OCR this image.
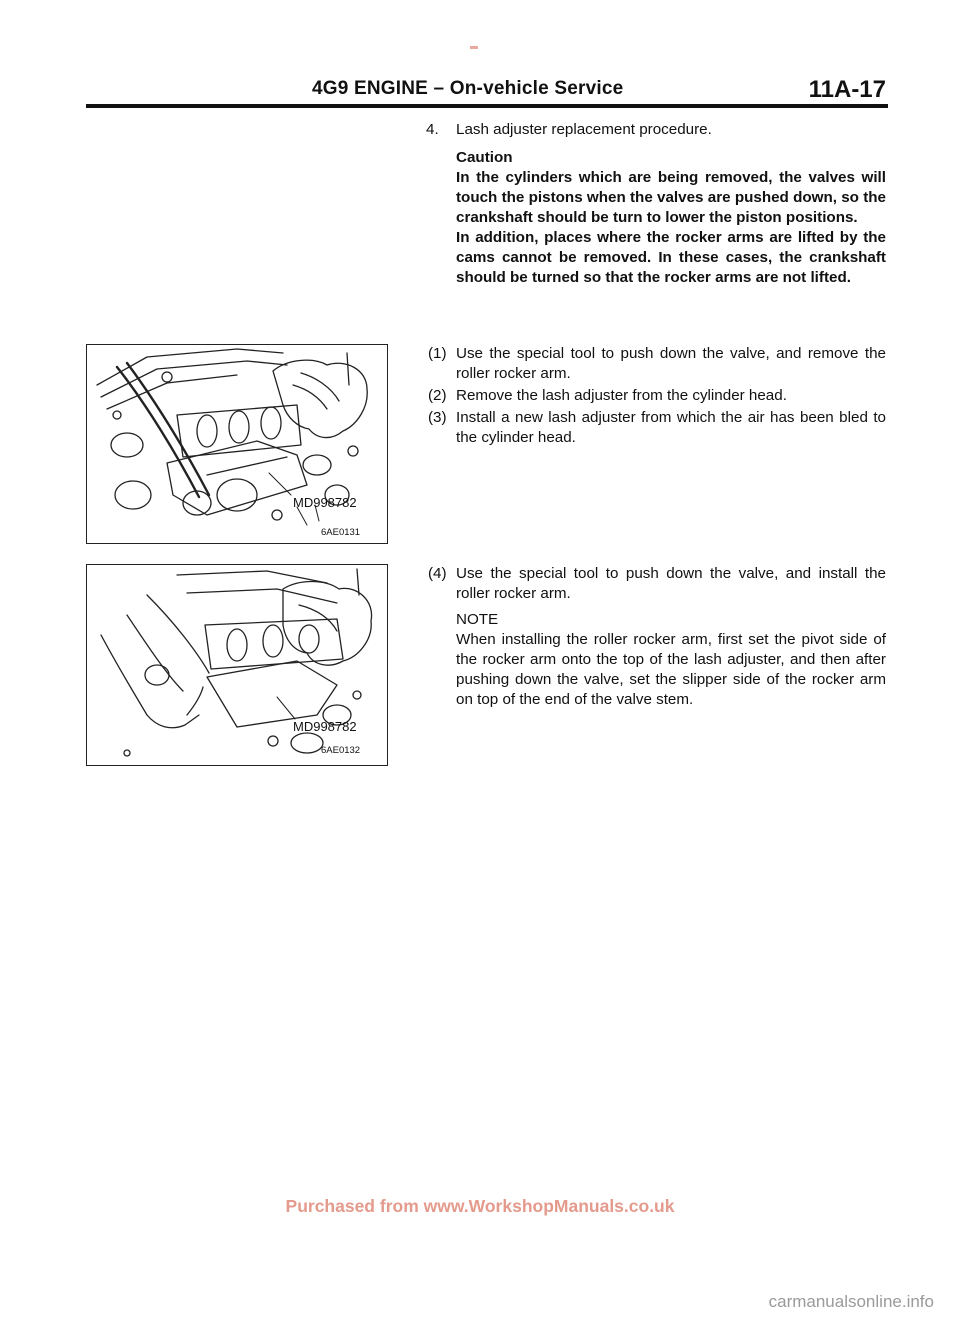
4G9 ENGINE – On-vehicle Service	11A-17
4. Lash adjuster replacement procedure.

Caution

In the cylinders which are being removed, the valves will touch the pistons when the valves are pushed down, so the crankshaft should be turn to lower the piston positions.

In addition, places where the rocker arms are lifted by the cams cannot be removed. In these cases, the crankshaft should be turned so that the rocker arms are not lifted.

(1) Use the special tool to push down the valve, and remove the roller rocker arm.
(2) Remove the lash adjuster from the cylinder head.
(3) Install a new lash adjuster from which the air has been bled to the cylinder head.
(4) Use the special tool to push down the valve, and install the roller rocker arm.
NOTE
When installing the roller rocker arm, first set the pivot side of the rocker arm onto the top of the lash adjuster, and then after pushing down the valve, set the slipper side of the rocker arm on top of the end of the valve stem.
MD998782
6AE0131
MD998782
6AE0132
Purchased from www.WorkshopManuals.co.uk
carmanualsonline.info
